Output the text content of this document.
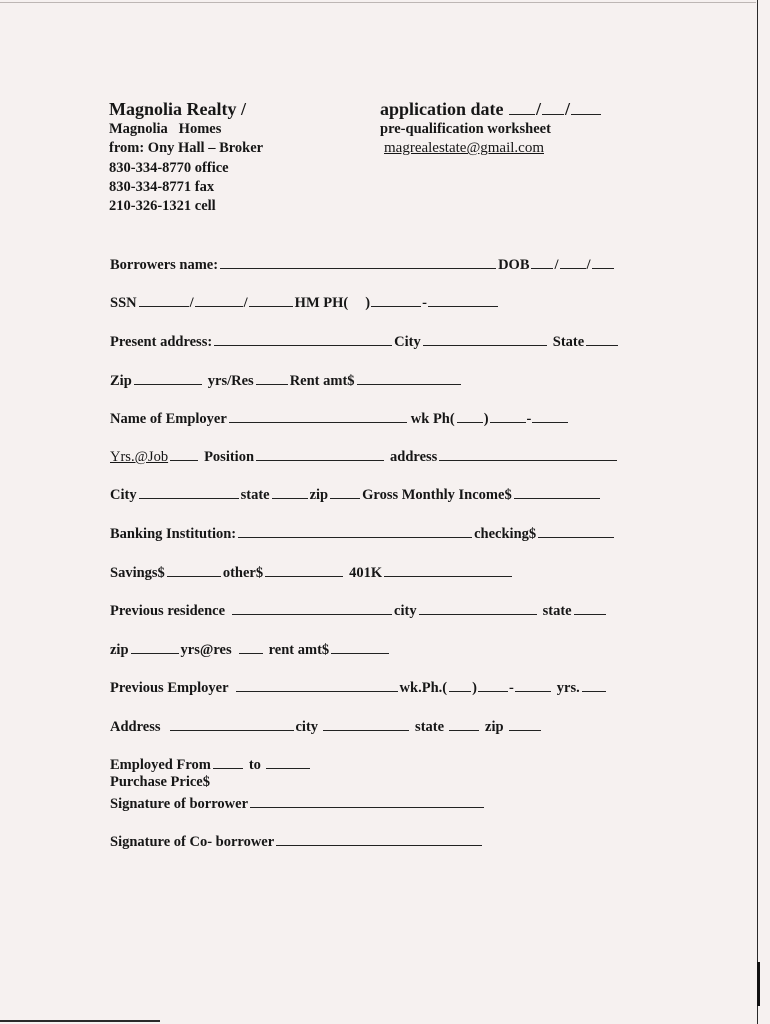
Magnolia Realty /
Magnolia   Homes
from: Ony Hall – Broker
830-334-8770 office
830-334-8771 fax
210-326-1321 cell
application date / /
pre-qualification worksheet
magrealestate@gmail.com
Borrowers name:	DOB / /
SSN	/	/	HM PH( )	-
Present address:	City	State
Zip	yrs/Res Rent amt$
Name of Employer	wk Ph( )	-
Yrs.@Job Position	address
City	state	zip Gross Monthly Income$
Banking Institution:	checking$
Savings$	other$	401K
Previous residence	city	state
zip	yrs@res	rent amt$
Previous Employer	wk.Ph.( ) -	yrs.
Address	city	state	zip
Employed From	to
Purchase Price$
Signature of borrower
Signature of Co- borrower
